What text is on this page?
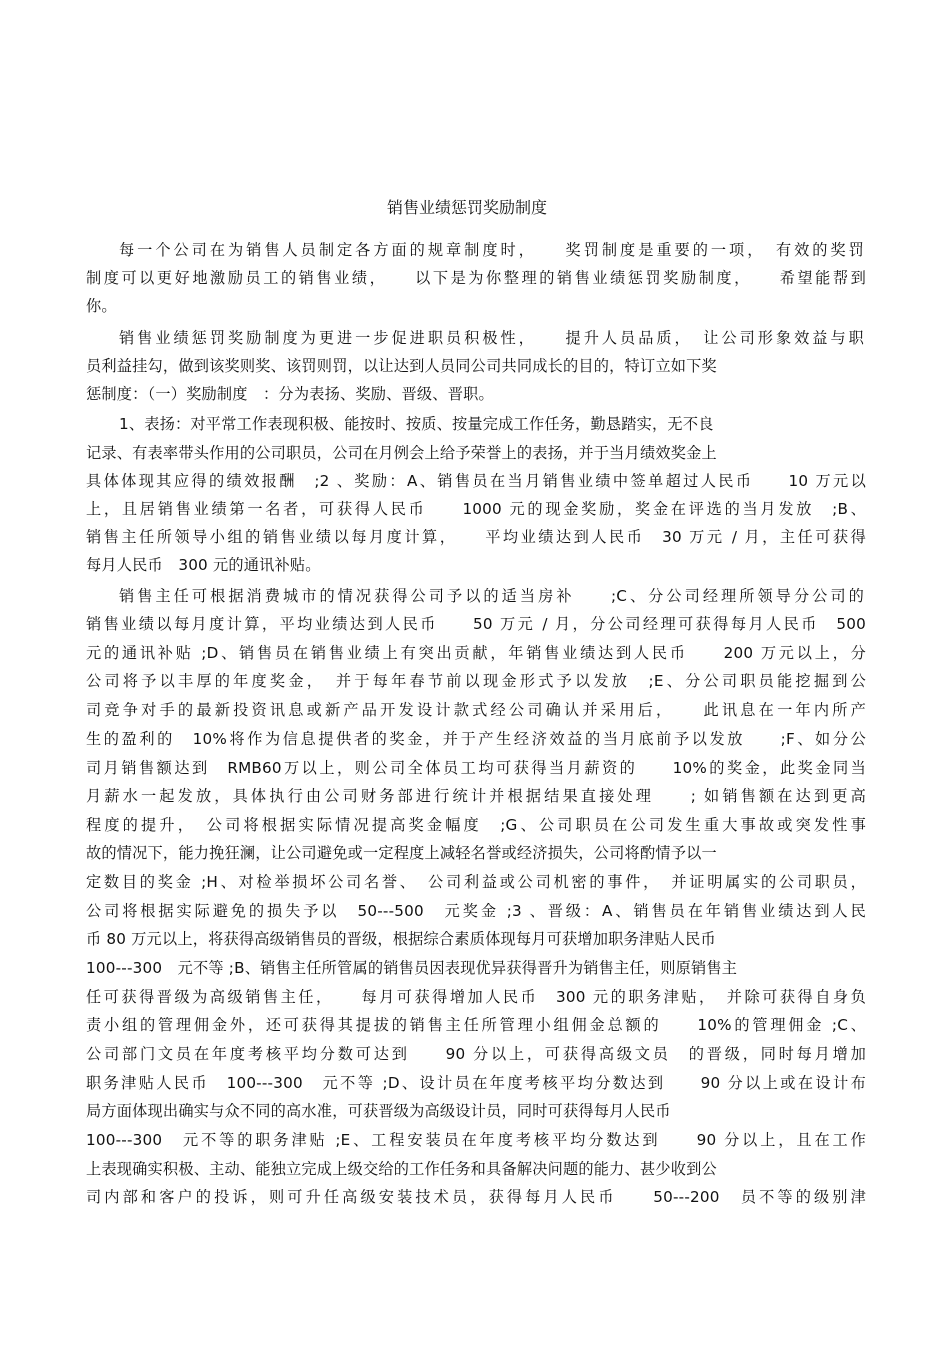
销售业绩惩罚奖励制度
每一个公司在为销售人员制定各方面的规章制度时，　　奖罚制度是重要的一项，　有效的奖罚
制度可以更好地激励员工的销售业绩，　　以下是为你整理的销售业绩惩罚奖励制度，　　希望能帮到
你。
销售业绩惩罚奖励制度为更进一步促进职员积极性，　　提升人员品质，　让公司形象效益与职
员利益挂勾，做到该奖则奖、该罚则罚，以让达到人员同公司共同成长的目的，特订立如下奖
惩制度：（一）奖励制度　：分为表扬、奖励、晋级、晋职。
1、表扬：对平常工作表现积极、能按时、按质、按量完成工作任务，勤恳踏实，无不良
记录、有表率带头作用的公司职员，公司在月例会上给予荣誉上的表扬，并于当月绩效奖金上
具体体现其应得的绩效报酬　;2 、奖励：A、销售员在当月销售业绩中签单超过人民币　　10 万元以
上，且居销售业绩第一名者，可获得人民币　　1000 元的现金奖励，奖金在评选的当月发放　;B、
销售主任所领导小组的销售业绩以每月度计算，　　平均业绩达到人民币　30 万元 / 月，主任可获得
每月人民币　300 元的通讯补贴。
销售主任可根据消费城市的情况获得公司予以的适当房补　　;C、分公司经理所领导分公司的
销售业绩以每月度计算，平均业绩达到人民币　　50 万元 / 月，分公司经理可获得每月人民币　500
元的通讯补贴 ;D、销售员在销售业绩上有突出贡献，年销售业绩达到人民币　　200 万元以上，分
公司将予以丰厚的年度奖金，　并于每年春节前以现金形式予以发放　;E、分公司职员能挖掘到公
司竞争对手的最新投资讯息或新产品开发设计款式经公司确认并采用后，　　此讯息在一年内所产
生的盈利的　10%将作为信息提供者的奖金，并于产生经济效益的当月底前予以发放　　;F、如分公
司月销售额达到　RMB60万以上，则公司全体员工均可获得当月薪资的　　10%的奖金，此奖金同当
月薪水一起发放，具体执行由公司财务部进行统计并根据结果直接处理　　; 如销售额在达到更高
程度的提升，　公司将根据实际情况提高奖金幅度　;G、公司职员在公司发生重大事故或突发性事
故的情况下，能力挽狂澜，让公司避免或一定程度上减轻名誉或经济损失，公司将酌情予以一
定数目的奖金 ;H、对检举损坏公司名誉、　公司利益或公司机密的事件，　并证明属实的公司职员，
公司将根据实际避免的损失予以　50---500　元奖金 ;3 、晋级：A、销售员在年销售业绩达到人民
币 80 万元以上，将获得高级销售员的晋级，根据综合素质体现每月可获增加职务津贴人民币
100---300　元不等 ;B、销售主任所管属的销售员因表现优异获得晋升为销售主任，则原销售主
任可获得晋级为高级销售主任，　　每月可获得增加人民币　300 元的职务津贴，　并除可获得自身负
责小组的管理佣金外，还可获得其提拔的销售主任所管理小组佣金总额的　　10%的管理佣金 ;C、
公司部门文员在年度考核平均分数可达到　　90 分以上，可获得高级文员　的晋级，同时每月增加
职务津贴人民币　100---300　元不等 ;D、设计员在年度考核平均分数达到　　90 分以上或在设计布
局方面体现出确实与众不同的高水准，可获晋级为高级设计员，同时可获得每月人民币
100---300　元不等的职务津贴 ;E、工程安装员在年度考核平均分数达到　　90 分以上，且在工作
上表现确实积极、主动、能独立完成上级交给的工作任务和具备解决问题的能力、甚少收到公
司内部和客户的投诉，则可升任高级安装技术员，获得每月人民币　　50---200　员不等的级别津
